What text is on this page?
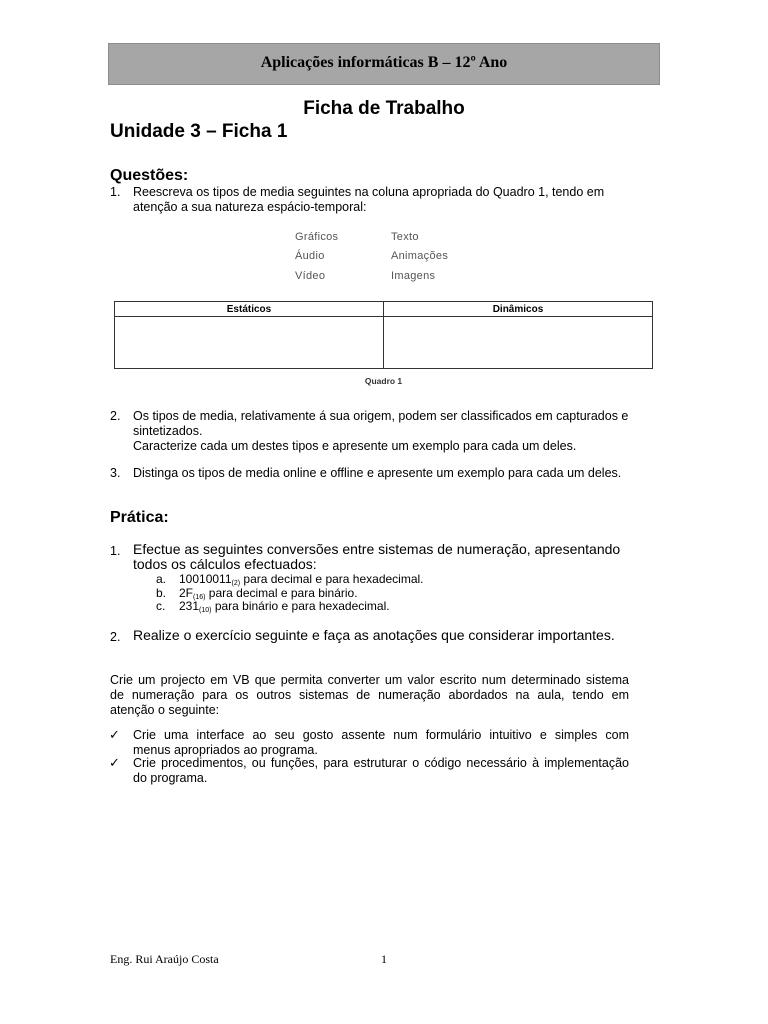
Aplicações informáticas B – 12º Ano
Ficha de Trabalho
Unidade 3 – Ficha 1
Questões:
1. Reescreva os tipos de media seguintes na coluna apropriada do Quadro 1, tendo em
atenção a sua natureza espácio-temporal:
Gráficos	Texto
Áudio	Animações
Vídeo	Imagens
Estáticos	Dinâmicos

Quadro 1
2. Os tipos de media, relativamente á sua origem, podem ser classificados em capturados e
sintetizados.
Caracterize cada um destes tipos e apresente um exemplo para cada um deles.
3. Distinga os tipos de media online e offline e apresente um exemplo para cada um deles.
Prática:
1. Efectue as seguintes conversões entre sistemas de numeração, apresentando
todos os cálculos efectuados:
a. $10010011_{(2)}$ para decimal e para hexadecimal.
b. $2F_{(16)}$ para decimal e para binário.
c. $231_{(10)}$ para binário e para hexadecimal.
2. Realize o exercício seguinte e faça as anotações que considerar importantes.
Crie um projecto em VB que permita converter um valor escrito num determinado sistema
de numeração para os outros sistemas de numeração abordados na aula, tendo em
atenção o seguinte:
✓ Crie uma interface ao seu gosto assente num formulário intuitivo e simples com
menus apropriados ao programa.
✓ Crie procedimentos, ou funções, para estruturar o código necessário à implementação
do programa.
Eng. Rui Araújo Costa	1
